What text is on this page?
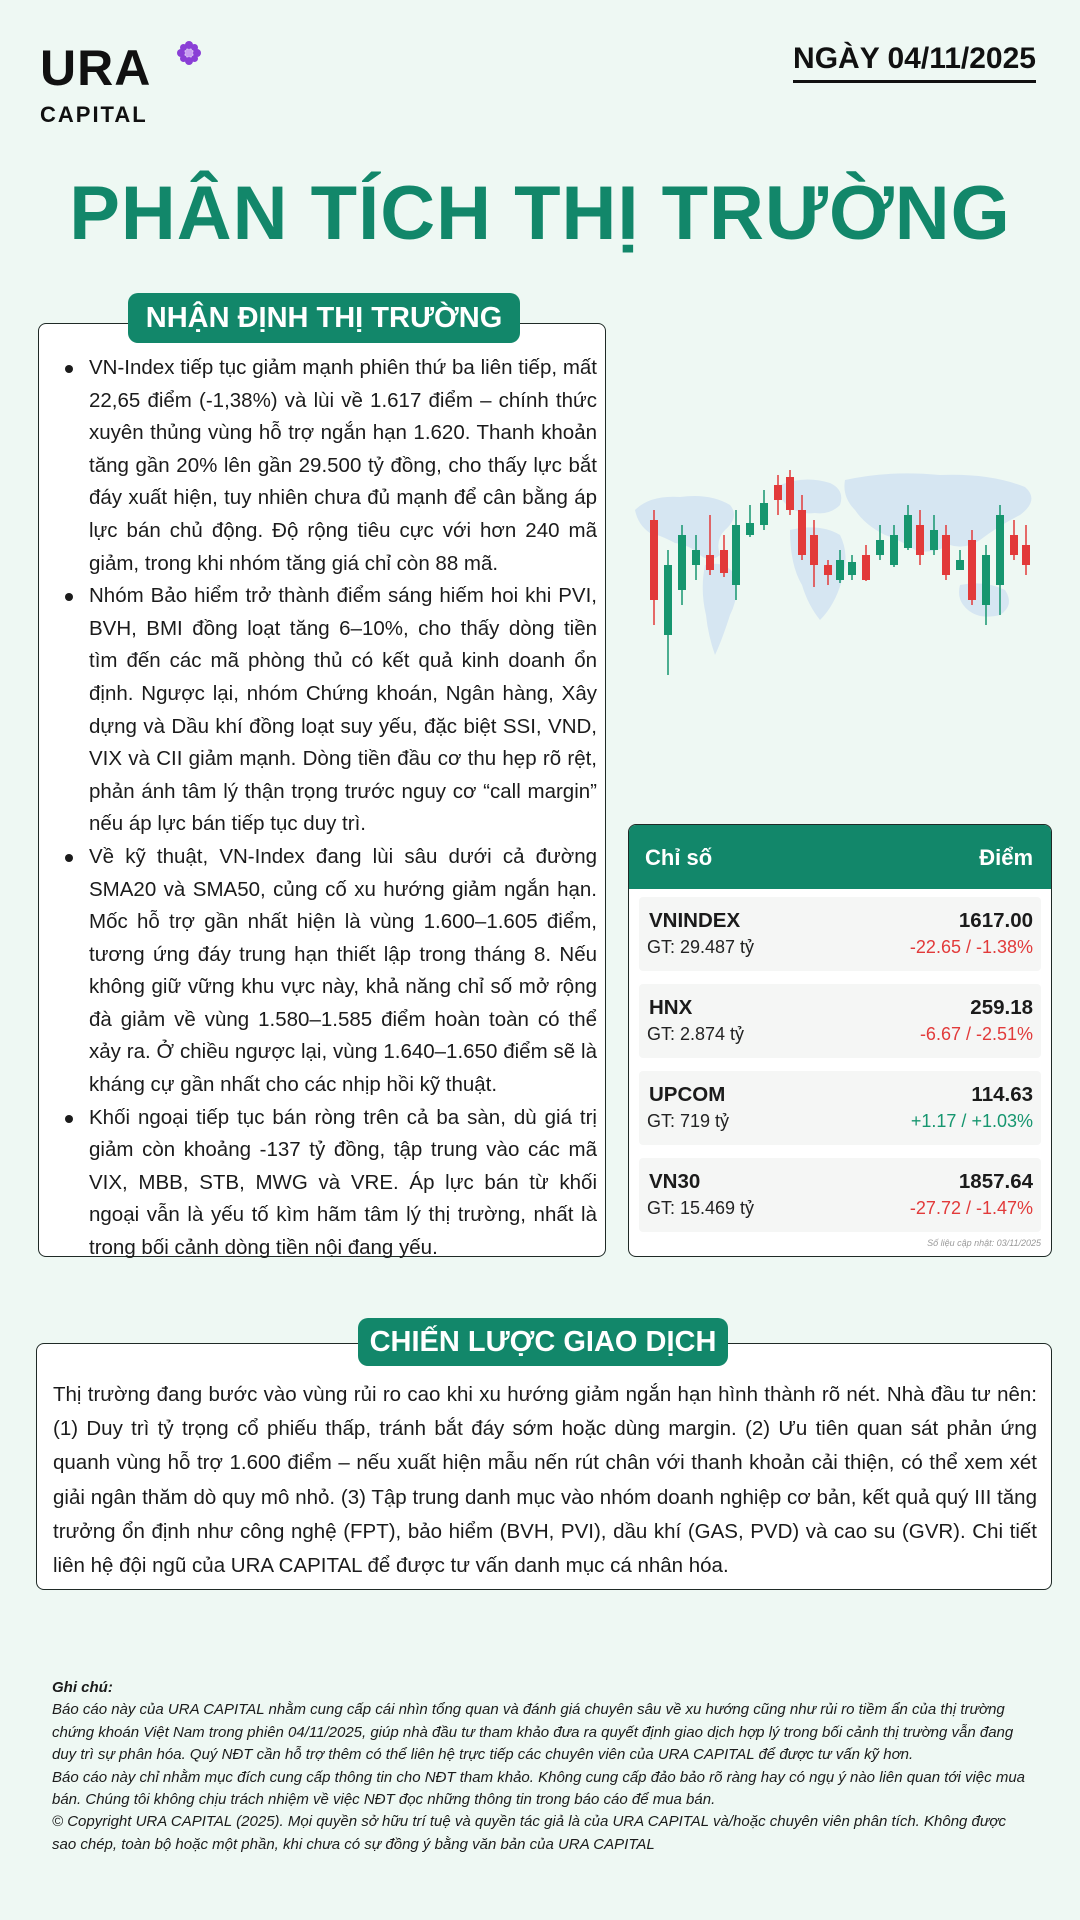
URA
CAPITAL
NGÀY 04/11/2025
PHÂN TÍCH THỊ TRƯỜNG
VN-Index tiếp tục giảm mạnh phiên thứ ba liên tiếp, mất 22,65 điểm (-1,38%) và lùi về 1.617 điểm – chính thức xuyên thủng vùng hỗ trợ ngắn hạn 1.620. Thanh khoản tăng gần 20% lên gần 29.500 tỷ đồng, cho thấy lực bắt đáy xuất hiện, tuy nhiên chưa đủ mạnh để cân bằng áp lực bán chủ động. Độ rộng tiêu cực với hơn 240 mã giảm, trong khi nhóm tăng giá chỉ còn 88 mã.
Nhóm Bảo hiểm trở thành điểm sáng hiếm hoi khi PVI, BVH, BMI đồng loạt tăng 6–10%, cho thấy dòng tiền tìm đến các mã phòng thủ có kết quả kinh doanh ổn định. Ngược lại, nhóm Chứng khoán, Ngân hàng, Xây dựng và Dầu khí đồng loạt suy yếu, đặc biệt SSI, VND, VIX và CII giảm mạnh. Dòng tiền đầu cơ thu hẹp rõ rệt, phản ánh tâm lý thận trọng trước nguy cơ “call margin” nếu áp lực bán tiếp tục duy trì.
Về kỹ thuật, VN-Index đang lùi sâu dưới cả đường SMA20 và SMA50, củng cố xu hướng giảm ngắn hạn. Mốc hỗ trợ gần nhất hiện là vùng 1.600–1.605 điểm, tương ứng đáy trung hạn thiết lập trong tháng 8. Nếu không giữ vững khu vực này, khả năng chỉ số mở rộng đà giảm về vùng 1.580–1.585 điểm hoàn toàn có thể xảy ra. Ở chiều ngược lại, vùng 1.640–1.650 điểm sẽ là kháng cự gần nhất cho các nhịp hồi kỹ thuật.
Khối ngoại tiếp tục bán ròng trên cả ba sàn, dù giá trị giảm còn khoảng -137 tỷ đồng, tập trung vào các mã VIX, MBB, STB, MWG và VRE. Áp lực bán từ khối ngoại vẫn là yếu tố kìm hãm tâm lý thị trường, nhất là trong bối cảnh dòng tiền nội đang yếu.
NHẬN ĐỊNH THỊ TRƯỜNG
Chỉ số	Điểm
VNINDEX
GT: 29.487 tỷ
1617.00
-22.65 / -1.38%
HNX
GT: 2.874 tỷ
259.18
-6.67 / -2.51%
UPCOM
GT: 719 tỷ
114.63
+1.17 / +1.03%
VN30
GT: 15.469 tỷ
1857.64
-27.72 / -1.47%
Số liệu cập nhật: 03/11/2025
Thị trường đang bước vào vùng rủi ro cao khi xu hướng giảm ngắn hạn hình thành rõ nét. Nhà đầu tư nên: (1) Duy trì tỷ trọng cổ phiếu thấp, tránh bắt đáy sớm hoặc dùng margin. (2) Ưu tiên quan sát phản ứng quanh vùng hỗ trợ 1.600 điểm – nếu xuất hiện mẫu nến rút chân với thanh khoản cải thiện, có thể xem xét giải ngân thăm dò quy mô nhỏ. (3) Tập trung danh mục vào nhóm doanh nghiệp cơ bản, kết quả quý III tăng trưởng ổn định như công nghệ (FPT), bảo hiểm (BVH, PVI), dầu khí (GAS, PVD) và cao su (GVR). Chi tiết liên hệ đội ngũ của URA CAPITAL để được tư vấn danh mục cá nhân hóa.
CHIẾN LƯỢC GIAO DỊCH
Ghi chú:

Báo cáo này của URA CAPITAL nhằm cung cấp cái nhìn tổng quan và đánh giá chuyên sâu về xu hướng cũng như rủi ro tiềm ẩn của thị trường chứng khoán Việt Nam trong phiên 04/11/2025, giúp nhà đầu tư tham khảo đưa ra quyết định giao dịch hợp lý trong bối cảnh thị trường vẫn đang duy trì sự phân hóa. Quý NĐT cần hỗ trợ thêm có thể liên hệ trực tiếp các chuyên viên của URA CAPITAL để được tư vấn kỹ hơn.

Báo cáo này chỉ nhằm mục đích cung cấp thông tin cho NĐT tham khảo. Không cung cấp đảo bảo rõ ràng hay có ngụ ý nào liên quan tới việc mua bán. Chúng tôi không chịu trách nhiệm về việc NĐT đọc những thông tin trong báo cáo để mua bán.

© Copyright URA CAPITAL (2025). Mọi quyền sở hữu trí tuệ và quyền tác giả là của URA CAPITAL và/hoặc chuyên viên phân tích. Không được sao chép, toàn bộ hoặc một phần, khi chưa có sự đồng ý bằng văn bản của URA CAPITAL
